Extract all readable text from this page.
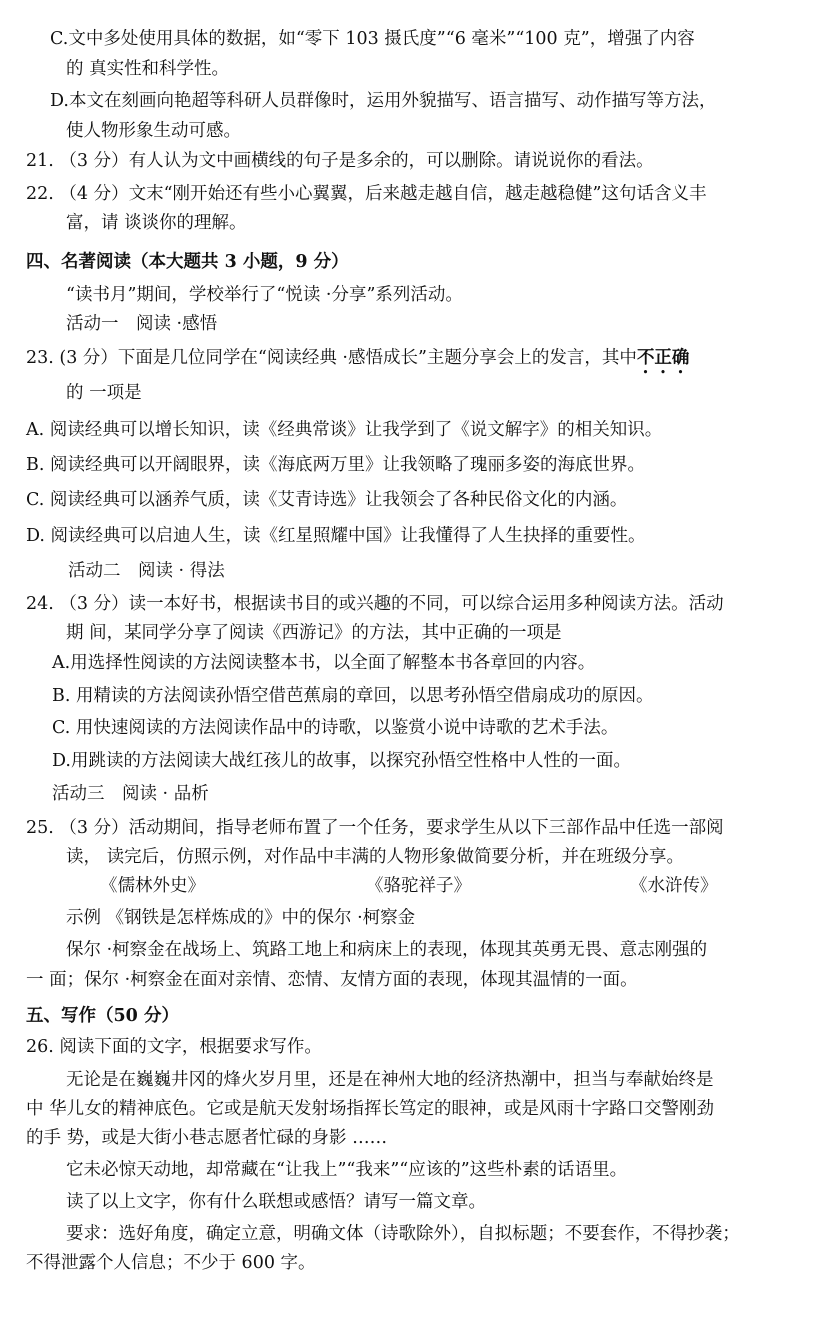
C.文中多处使用具体的数据，如“零下 103 摄氏度”“6 毫米”“100 克”，增强了内容
的 真实性和科学性。
D.本文在刻画向艳超等科研人员群像时，运用外貌描写、语言描写、动作描写等方法，
使人物形象生动可感。
21. （3 分）有人认为文中画横线的句子是多余的，可以删除。请说说你的看法。
22. （4 分）文末“刚开始还有些小心翼翼，后来越走越自信，越走越稳健”这句话含义丰
富，请 谈谈你的理解。
四、名著阅读（本大题共 3 小题，9 分）
“读书月”期间，学校举行了“悦读 ·分享”系列活动。
活动一　阅读 ·感悟
23. (3 分）下面是几位同学在“阅读经典 ·感悟成长”主题分享会上的发言，其中不正确
的 一项是
A. 阅读经典可以增长知识，读《经典常谈》让我学到了《说文解字》的相关知识。
B. 阅读经典可以开阔眼界，读《海底两万里》让我领略了瑰丽多姿的海底世界。
C. 阅读经典可以涵养气质，读《艾青诗选》让我领会了各种民俗文化的内涵。
D. 阅读经典可以启迪人生，读《红星照耀中国》让我懂得了人生抉择的重要性。
活动二　阅读 · 得法
24. （3 分）读一本好书，根据读书目的或兴趣的不同，可以综合运用多种阅读方法。活动
期 间，某同学分享了阅读《西游记》的方法，其中正确的一项是
A.用选择性阅读的方法阅读整本书，以全面了解整本书各章回的内容。
B. 用精读的方法阅读孙悟空借芭蕉扇的章回，以思考孙悟空借扇成功的原因。
C. 用快速阅读的方法阅读作品中的诗歌，以鉴赏小说中诗歌的艺术手法。
D.用跳读的方法阅读大战红孩儿的故事，以探究孙悟空性格中人性的一面。
活动三　阅读 · 品析
25. （3 分）活动期间，指导老师布置了一个任务，要求学生从以下三部作品中任选一部阅
读， 读完后，仿照示例，对作品中丰满的人物形象做简要分析，并在班级分享。
《儒林外史》	《骆驼祥子》	《水浒传》
示例 《钢铁是怎样炼成的》中的保尔 ·柯察金
保尔 ·柯察金在战场上、筑路工地上和病床上的表现，体现其英勇无畏、意志刚强的
一 面；保尔 ·柯察金在面对亲情、恋情、友情方面的表现，体现其温情的一面。
五、写作（50 分）
26. 阅读下面的文字，根据要求写作。
无论是在巍巍井冈的烽火岁月里，还是在神州大地的经济热潮中，担当与奉献始终是
中 华儿女的精神底色。它或是航天发射场指挥长笃定的眼神，或是风雨十字路口交警刚劲
的手 势，或是大街小巷志愿者忙碌的身影 ……
它未必惊天动地，却常藏在“让我上”“我来”“应该的”这些朴素的话语里。
读了以上文字，你有什么联想或感悟？请写一篇文章。
要求：选好角度，确定立意，明确文体（诗歌除外），自拟标题；不要套作，不得抄袭；
不得泄露个人信息；不少于 600 字。
